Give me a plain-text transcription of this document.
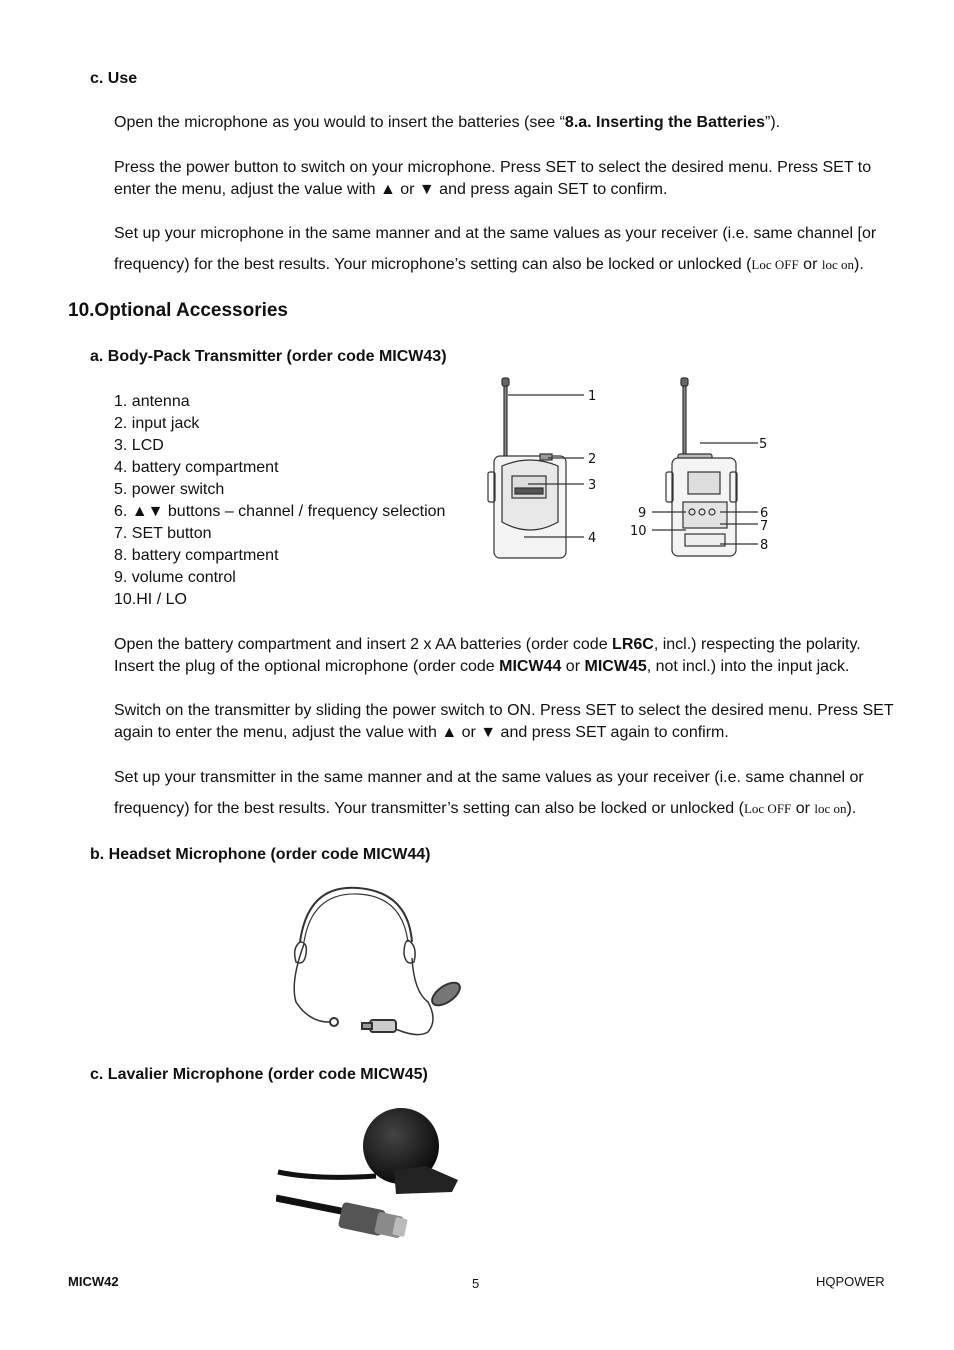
c. Use
Open the microphone as you would to insert the batteries (see “8.a. Inserting the Batteries”).
Press the power button to switch on your microphone. Press SET to select the desired menu. Press SET to
enter the menu, adjust the value with ▲ or ▼ and press again SET to confirm.
Set up your microphone in the same manner and at the same values as your receiver (i.e. same channel [or
frequency) for the best results. Your microphone’s setting can also be locked or unlocked (Loc OFF or loc on).
10.Optional Accessories
a. Body-Pack Transmitter (order code MICW43)
1. antenna
2. input jack
3. LCD
4. battery compartment
5. power switch
6. ▲▼ buttons – channel / frequency selection
7. SET button
8. battery compartment
9. volume control
10.HI / LO
1
2
3
4
5
6
7
8
9
10
Open the battery compartment and insert 2 x AA batteries (order code LR6C, incl.) respecting the polarity.
Insert the plug of the optional microphone (order code MICW44 or MICW45, not incl.) into the input jack.
Switch on the transmitter by sliding the power switch to ON. Press SET to select the desired menu. Press SET
again to enter the menu, adjust the value with ▲ or ▼ and press SET again to confirm.
Set up your transmitter in the same manner and at the same values as your receiver (i.e. same channel or
frequency) for the best results. Your transmitter’s setting can also be locked or unlocked (Loc OFF or loc on).
b. Headset Microphone (order code MICW44)
c. Lavalier Microphone (order code MICW45)
MICW42	5	HQPOWER
